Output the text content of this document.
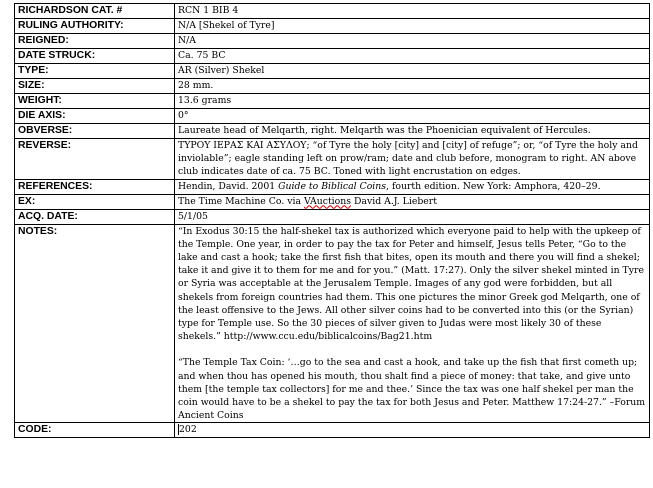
RICHARDSON CAT. #	RCN 1 BIB 4
RULING AUTHORITY:	N/A [Shekel of Tyre]
REIGNED:	N/A
DATE STRUCK:	Ca. 75 BC
TYPE:	AR (Silver) Shekel
SIZE:	28 mm.
WEIGHT:	13.6 grams
DIE AXIS:	0°
OBVERSE:	Laureate head of Melqarth, right. Melqarth was the Phoenician equivalent of Hercules.
REVERSE:	ΤΥΡΟΥ ΙΕΡΑΣ ΚΑΙ ΑΣΥΛΟΥ; “of Tyre the holy [city] and [city] of refuge”; or, “of Tyre the holy and inviolable”; eagle standing left on prow/ram; date and club before, monogram to right. AN above club indicates date of ca. 75 BC. Toned with light encrustation on edges.
REFERENCES:	Hendin, David. 2001 Guide to Biblical Coins, fourth edition. New York: Amphora, 420–29.
EX:	The Time Machine Co. via VAuctions David A.J. Liebert
ACQ. DATE:	5/1/05
NOTES:	“In Exodus 30:15 the half-shekel tax is authorized which everyone paid to help with the upkeep of the Temple. One year, in order to pay the tax for Peter and himself, Jesus tells Peter, “Go to the lake and cast a hook; take the first fish that bites, open its mouth and there you will find a shekel; take it and give it to them for me and for you.” (Matt. 17:27). Only the silver shekel minted in Tyre or Syria was acceptable at the Jerusalem Temple. Images of any god were forbidden, but all shekels from foreign countries had them. This one pictures the minor Greek god Melqarth, one of the least offensive to the Jews. All other silver coins had to be converted into this (or the Syrian) type for Temple use. So the 30 pieces of silver given to Judas were most likely 30 of these shekels.” http://www.ccu.edu/biblicalcoins/Bag21.htm

“The Temple Tax Coin: ‘…go to the sea and cast a hook, and take up the fish that first cometh up; and when thou has opened his mouth, thou shalt find a piece of money: that take, and give unto them [the temple tax collectors] for me and thee.’ Since the tax was one half shekel per man the coin would have to be a shekel to pay the tax for both Jesus and Peter. Matthew 17:24-27.” –Forum Ancient Coins

CODE:	202
